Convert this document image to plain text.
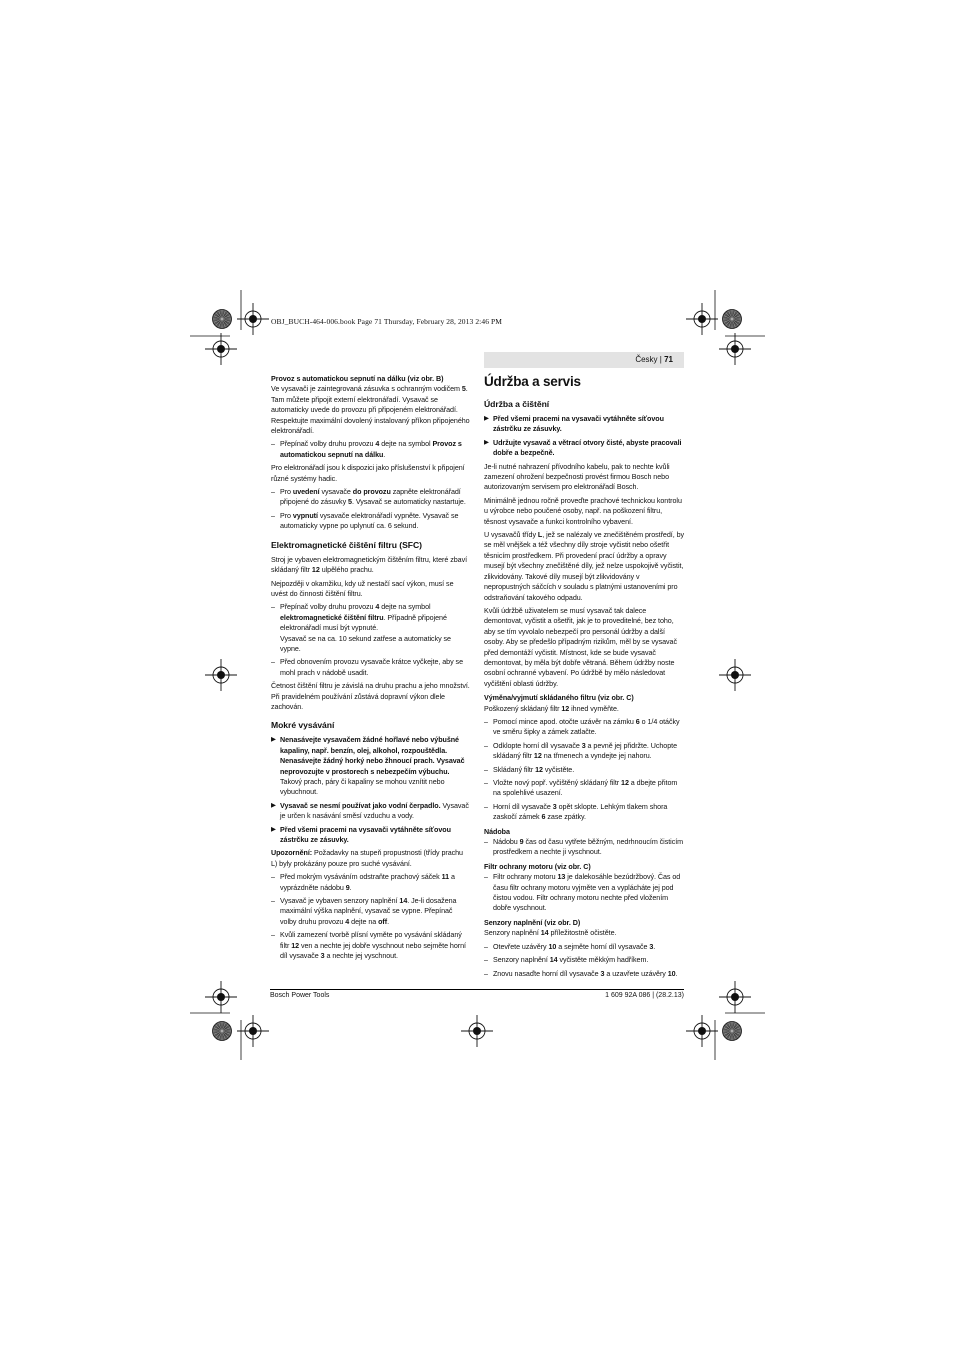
OBJ_BUCH-464-006.book Page 71 Thursday, February 28, 2013 2:46 PM
Česky | 71
Provoz s automatickou sepnutí na dálku (viz obr. B)

Ve vysavači je zaintegrovaná zásuvka s ochranným vodičem 5. Tam můžete připojit externí elektronářadí. Vysavač se automaticky uvede do provozu při připojeném elektronářadí. Respektujte maximální dovolený instalovaný příkon připojeného elektronářadí.

– Přepínač volby druhu provozu 4 dejte na symbol Provoz s automatickou sepnutí na dálku.

Pro elektronářadí jsou k dispozici jako příslušenství k připojení různé systémy hadic.

– Pro uvedení vysavače do provozu zapněte elektronářadí připojené do zásuvky 5. Vysavač se automaticky nastartuje.

– Pro vypnutí vysavače elektronářadí vypněte. Vysavač se automaticky vypne po uplynutí ca. 6 sekund.

Elektromagnetické čištění filtru (SFC)

Stroj je vybaven elektromagnetickým čištěním filtru, které zbaví skládaný filtr 12 ulpělého prachu.

Nejpozději v okamžiku, kdy už nestačí sací výkon, musí se uvést do činnosti čištění filtru.

– Přepínač volby druhu provozu 4 dejte na symbol elektromagnetické čištění filtru. Případně připojené elektronářadí musí být vypnuté.
Vysavač se na ca. 10 sekund zatřese a automaticky se vypne.

– Před obnovením provozu vysavače krátce vyčkejte, aby se mohl prach v nádobě usadit.

Četnost čištění filtru je závislá na druhu prachu a jeho množství. Při pravidelném používání zůstává dopravní výkon dlele zachován.

Mokré vysávání

▶ Nenasávejte vysavačem žádné hořlavé nebo výbušné kapaliny, např. benzín, olej, alkohol, rozpouštědla. Nenasávejte žádný horký nebo žhnoucí prach. Vysavač neprovozujte v prostorech s nebezpečím výbuchu. Takový prach, páry či kapaliny se mohou vznítit nebo vybuchnout.

▶ Vysavač se nesmí používat jako vodní čerpadlo. Vysavač je určen k nasávání směsí vzduchu a vody.

▶ Před všemi pracemi na vysavači vytáhněte síťovou zástrčku ze zásuvky.

Upozornění: Požadavky na stupeň propustnosti (třídy prachu L) byly prokázány pouze pro suché vysávání.

– Před mokrým vysáváním odstraňte prachový sáček 11 a vyprázdněte nádobu 9.

– Vysavač je vybaven senzory naplnění 14. Je-li dosažena maximální výška naplnění, vysavač se vypne. Přepínač volby druhu provozu 4 dejte na off.

– Kvůli zamezení tvorbě plísní vyměte po vysávání skládaný filtr 12 ven a nechte jej dobře vyschnout nebo sejměte horní díl vysavače 3 a nechte jej vyschnout.

Údržba a servis
Údržba a čištění

▶ Před všemi pracemi na vysavači vytáhněte síťovou zástrčku ze zásuvky.

▶ Udržujte vysavač a větrací otvory čisté, abyste pracovali dobře a bezpečně.

Je-li nutné nahrazení přívodního kabelu, pak to nechte kvůli zamezení ohrožení bezpečnosti provést firmou Bosch nebo autorizovaným servisem pro elektronářadí Bosch.

Minimálně jednou ročně proveďte prachové technickou kontrolu u výrobce nebo poučené osoby, např. na poškození filtru, těsnost vysavače a funkci kontrolního vybavení.

U vysavačů třídy L, jež se nalézaly ve znečištěném prostředí, by se měl vnějšek a též všechny díly stroje vyčistit nebo ošetřit těsnicím prostředkem. Při provedení prací údržby a opravy musejí být všechny znečištěné díly, jež nelze uspokojivě vyčistit, zlikvidovány. Takové díly musejí být zlikvidovány v nepropustných sáčcích v souladu s platnými ustanoveními pro odstraňování takového odpadu.

Kvůli údržbě uživatelem se musí vysavač tak dalece demontovat, vyčistit a ošetřit, jak je to proveditelné, bez toho, aby se tím vyvolalo nebezpečí pro personál údržby a další osoby. Aby se předešlo případným rizikům, měl by se vysavač před demontáží vyčistit. Místnost, kde se bude vysavač demontovat, by měla být dobře větraná. Během údržby noste osobní ochranné vybavení. Po údržbě by mělo následovat vyčištění oblasti údržby.

Výměna/vyjmutí skládaného filtru (viz obr. C)

Poškozený skládaný filtr 12 ihned vyměňte.

– Pomocí mince apod. otočte uzávěr na zámku 6 o 1/4 otáčky ve směru šipky a zámek zatlačte.

– Odklopte horní díl vysavače 3 a pevně jej přidržte. Uchopte skládaný filtr 12 na třmenech a vyndejte jej nahoru.

– Skládaný filtr 12 vyčistěte.

– Vložte nový popř. vyčištěný skládaný filtr 12 a dbejte přitom na spolehlivé usazení.

– Horní díl vysavače 3 opět sklopte. Lehkým tlakem shora zaskočí zámek 6 zase zpátky.

Nádoba

– Nádobu 9 čas od času vytřete běžným, nedrhnoucím čisticím prostředkem a nechte ji vyschnout.

Filtr ochrany motoru (viz obr. C)

– Filtr ochrany motoru 13 je dalekosáhle bezúdržbový. Čas od času filtr ochrany motoru vyjměte ven a vyplácháte jej pod čistou vodou. Filtr ochrany motoru nechte před vložením dobře vyschnout.

Senzory naplnění (viz obr. D)

Senzory naplnění 14 příležitostně očistěte.

– Otevřete uzávěry 10 a sejměte horní díl vysavače 3.

– Senzory naplnění 14 vyčistěte měkkým hadříkem.

– Znovu nasaďte horní díl vysavače 3 a uzavřete uzávěry 10.

Bosch Power Tools	1 609 92A 086 | (28.2.13)
